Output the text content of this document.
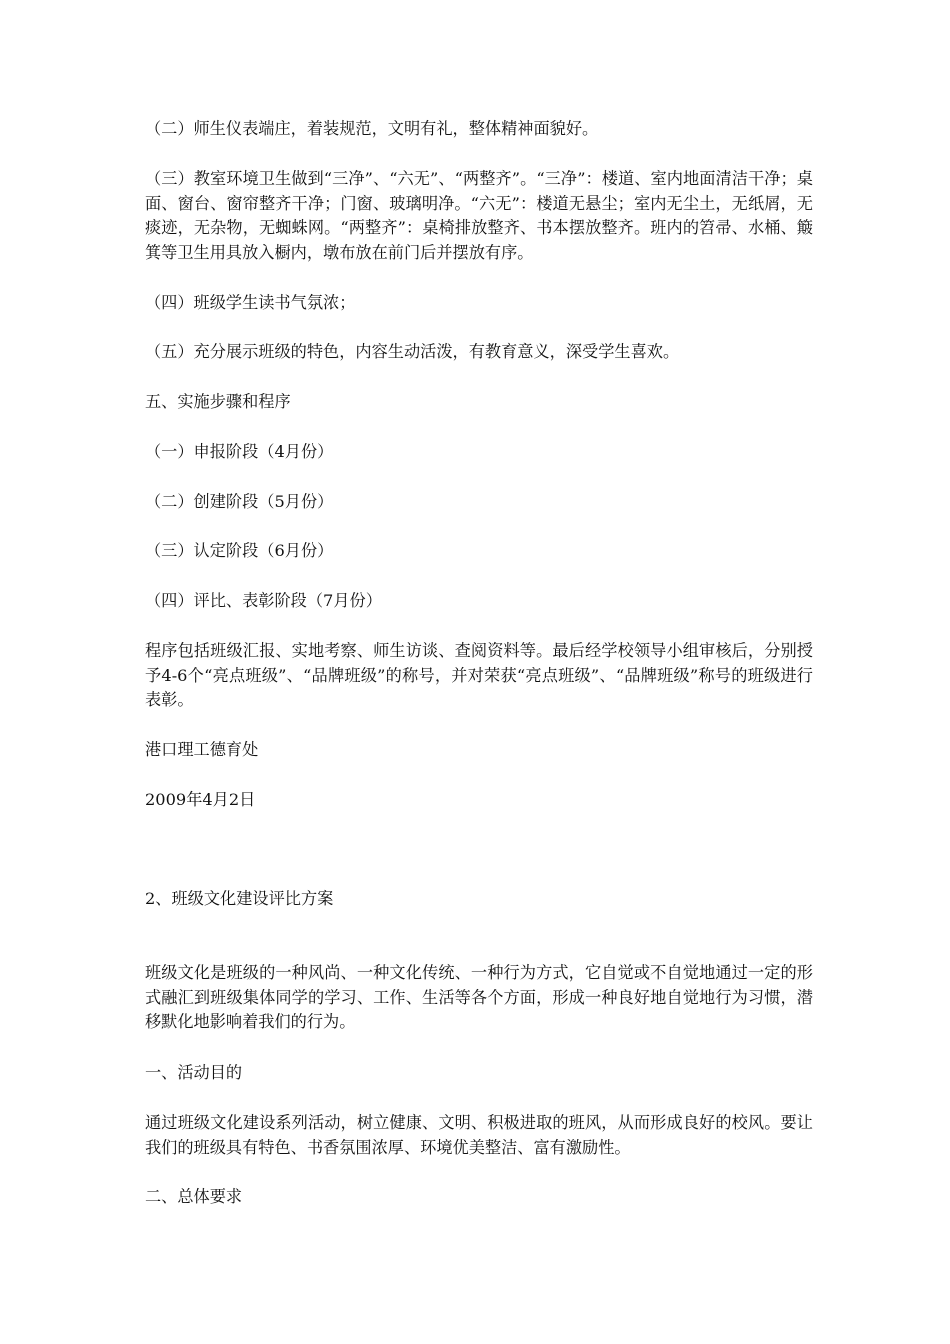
（二）师生仪表端庄，着装规范，文明有礼，整体精神面貌好。

（三）教室环境卫生做到“三净”、“六无”、“两整齐”。“三净”：楼道、室内地面清洁干净；桌面、窗台、窗帘整齐干净；门窗、玻璃明净。“六无”：楼道无悬尘；室内无尘土，无纸屑，无痰迹，无杂物，无蜘蛛网。“两整齐”：桌椅排放整齐、书本摆放整齐。班内的笤帚、水桶、簸箕等卫生用具放入橱内，墩布放在前门后并摆放有序。

（四）班级学生读书气氛浓；

（五）充分展示班级的特色，内容生动活泼，有教育意义，深受学生喜欢。

五、实施步骤和程序

（一）申报阶段（4月份）

（二）创建阶段（5月份）

（三）认定阶段（6月份）

（四）评比、表彰阶段（7月份）

程序包括班级汇报、实地考察、师生访谈、查阅资料等。最后经学校领导小组审核后，分别授予4-6个“亮点班级”、“品牌班级”的称号，并对荣获“亮点班级”、“品牌班级”称号的班级进行表彰。

港口理工德育处

2009年4月2日

2、班级文化建设评比方案

班级文化是班级的一种风尚、一种文化传统、一种行为方式，它自觉或不自觉地通过一定的形式融汇到班级集体同学的学习、工作、生活等各个方面，形成一种良好地自觉地行为习惯，潜移默化地影响着我们的行为。

一、活动目的

通过班级文化建设系列活动，树立健康、文明、积极进取的班风，从而形成良好的校风。要让我们的班级具有特色、书香氛围浓厚、环境优美整洁、富有激励性。

二、总体要求
